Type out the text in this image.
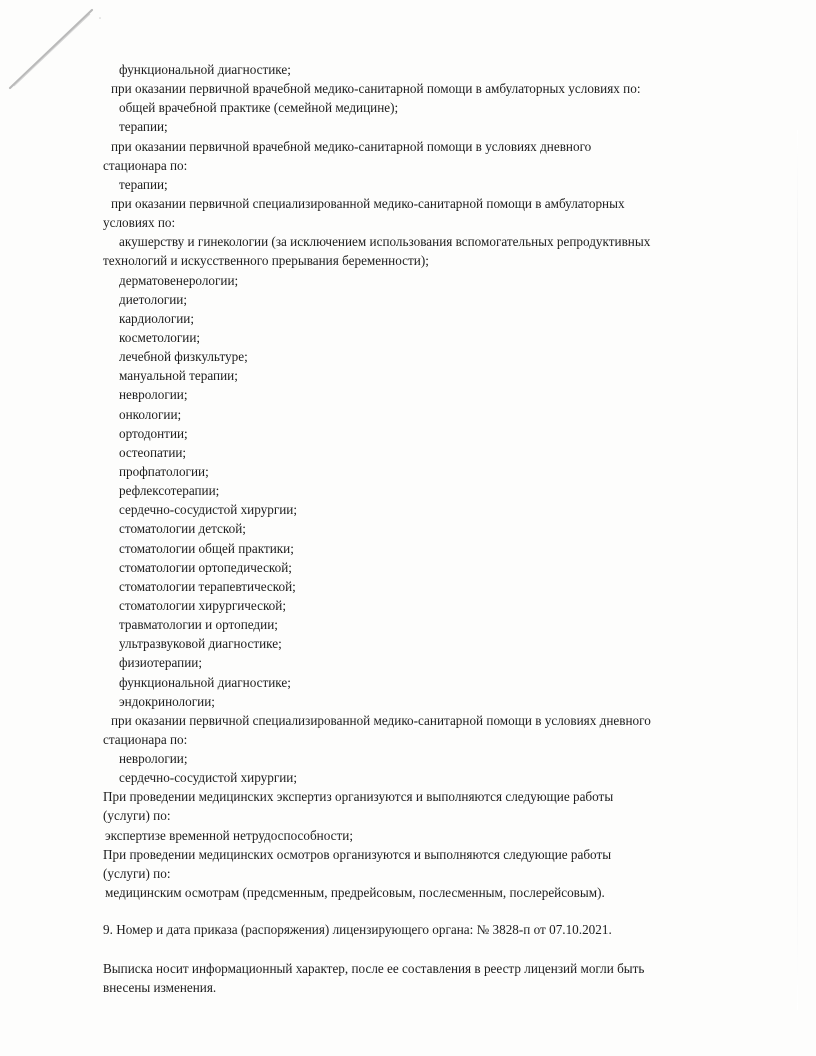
функциональной диагностике;
при оказании первичной врачебной медико-санитарной помощи в амбулаторных условиях по:
общей врачебной практике (семейной медицине);
терапии;
при оказании первичной врачебной медико-санитарной помощи в условиях дневного
стационара по:
терапии;
при оказании первичной специализированной медико-санитарной помощи в амбулаторных
условиях по:
акушерству и гинекологии (за исключением использования вспомогательных репродуктивных
технологий и искусственного прерывания беременности);
дерматовенерологии;
диетологии;
кардиологии;
косметологии;
лечебной физкультуре;
мануальной терапии;
неврологии;
онкологии;
ортодонтии;
остеопатии;
профпатологии;
рефлексотерапии;
сердечно-сосудистой хирургии;
стоматологии детской;
стоматологии общей практики;
стоматологии ортопедической;
стоматологии терапевтической;
стоматологии хирургической;
травматологии и ортопедии;
ультразвуковой диагностике;
физиотерапии;
функциональной диагностике;
эндокринологии;
при оказании первичной специализированной медико-санитарной помощи в условиях дневного
стационара по:
неврологии;
сердечно-сосудистой хирургии;
При проведении медицинских экспертиз организуются и выполняются следующие работы
(услуги) по:
экспертизе временной нетрудоспособности;
При проведении медицинских осмотров организуются и выполняются следующие работы
(услуги) по:
медицинским осмотрам (предсменным, предрейсовым, послесменным, послерейсовым).
9. Номер и дата приказа (распоряжения) лицензирующего органа: № 3828-п от 07.10.2021.
Выписка носит информационный характер, после ее составления в реестр лицензий могли быть
внесены изменения.
